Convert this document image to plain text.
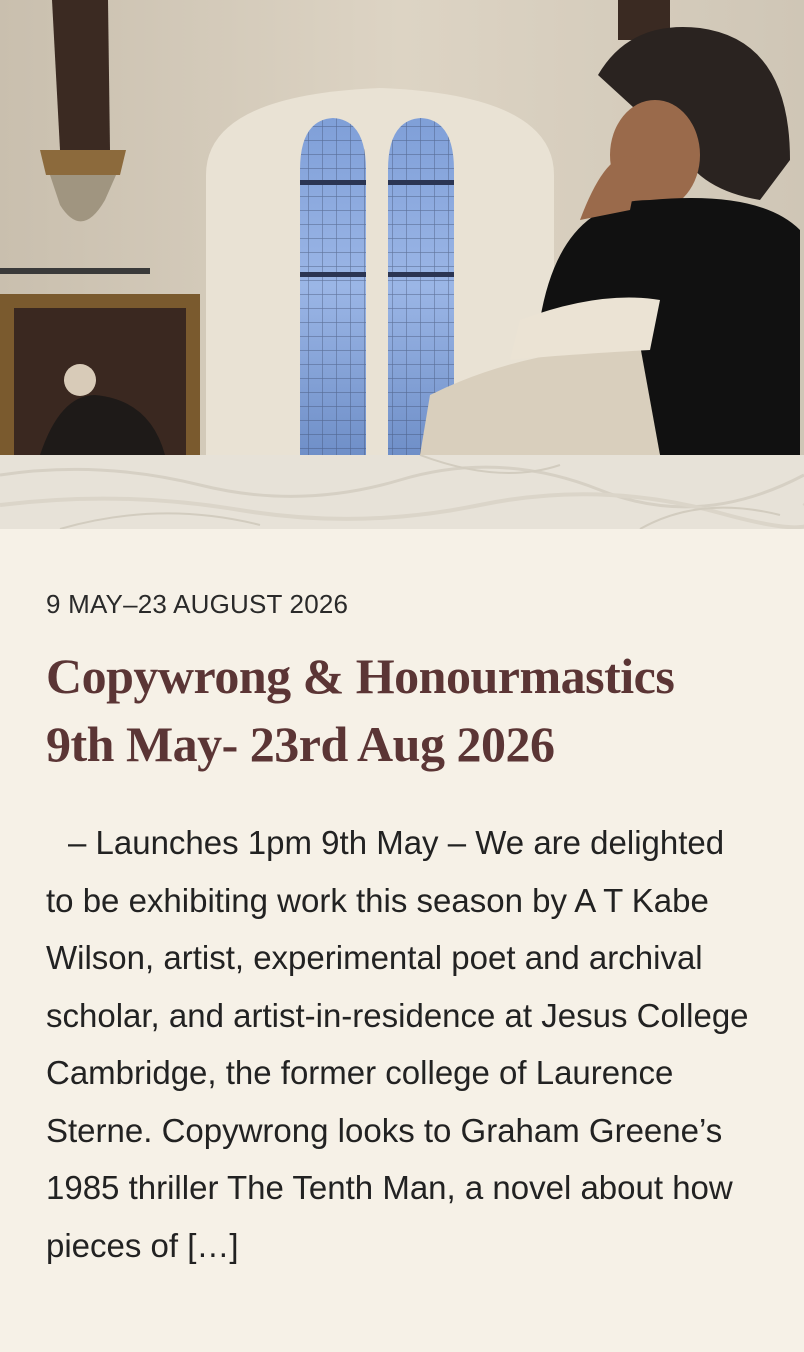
9 MAY–23 AUGUST 2026
Copywrong & Honourmastics
9th May- 23rd Aug 2026

– Launches 1pm 9th May – We are delighted to be exhibiting work this season by A T Kabe Wilson, artist, experimental poet and archival scholar, and artist-in-residence at Jesus College Cambridge, the former college of Laurence Sterne. Copywrong looks to Graham Greene’s 1985 thriller The Tenth Man, a novel about how pieces of […]
